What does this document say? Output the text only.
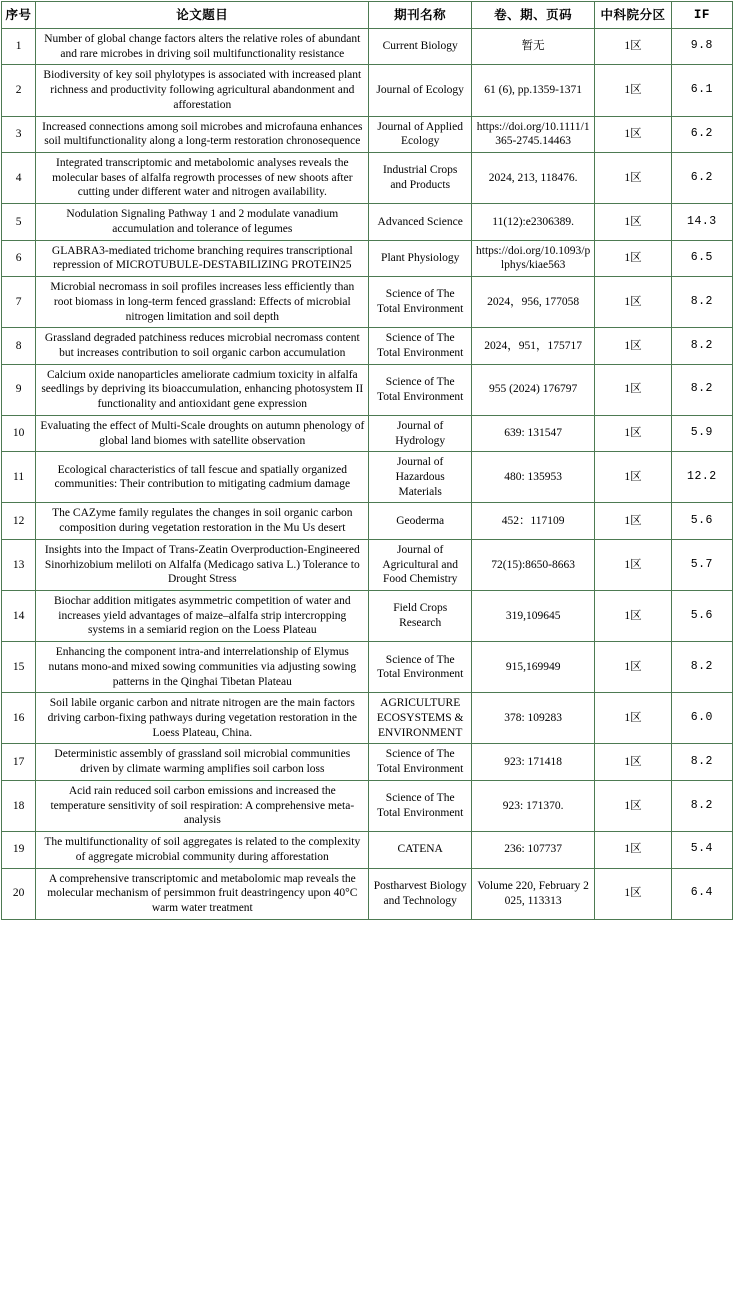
序号	论文题目	期刊名称	卷、期、页码	中科院分区	IF
1	Number of global change factors alters the relative roles of abundant and rare microbes in driving soil multifunctionality resistance	Current Biology	暂无	1区	9.8
2	Biodiversity of key soil phylotypes is associated with increased plant richness and productivity following agricultural abandonment and afforestation	Journal of Ecology	61 (6), pp.1359-1371	1区	6.1
3	Increased connections among soil microbes and microfauna enhances soil multifunctionality along a long-term restoration chronosequence	Journal of Applied Ecology	https://doi.org/10.1111/1365-2745.14463	1区	6.2
4	Integrated transcriptomic and metabolomic analyses reveals the molecular bases of alfalfa regrowth processes of new shoots after cutting under different water and nitrogen availability.	Industrial Crops and Products	2024, 213, 118476.	1区	6.2
5	Nodulation Signaling Pathway 1 and 2 modulate vanadium accumulation and tolerance of legumes	Advanced Science	11(12):e2306389.	1区	14.3
6	GLABRA3-mediated trichome branching requires transcriptional repression of MICROTUBULE-DESTABILIZING PROTEIN25	Plant Physiology	https://doi.org/10.1093/plphys/kiae563	1区	6.5
7	Microbial necromass in soil profiles increases less efficiently than root biomass in long-term fenced grassland: Effects of microbial nitrogen limitation and soil depth	Science of The Total Environment	2024，956, 177058	1区	8.2
8	Grassland degraded patchiness reduces microbial necromass content but increases contribution to soil organic carbon accumulation	Science of The Total Environment	2024，951，175717	1区	8.2
9	Calcium oxide nanoparticles ameliorate cadmium toxicity in alfalfa seedlings by depriving its bioaccumulation, enhancing photosystem II functionality and antioxidant gene expression	Science of The Total Environment	955 (2024) 176797	1区	8.2
10	Evaluating the effect of Multi-Scale droughts on autumn phenology of global land biomes with satellite observation	Journal of Hydrology	639: 131547	1区	5.9
11	Ecological characteristics of tall fescue and spatially organized communities: Their contribution to mitigating cadmium damage	Journal of Hazardous Materials	480: 135953	1区	12.2
12	The CAZyme family regulates the changes in soil organic carbon composition during vegetation restoration in the Mu Us desert	Geoderma	452：117109	1区	5.6
13	Insights into the Impact of Trans-Zeatin Overproduction-Engineered Sinorhizobium meliloti on Alfalfa (Medicago sativa L.) Tolerance to Drought Stress	Journal of Agricultural and Food Chemistry	72(15):8650-8663	1区	5.7
14	Biochar addition mitigates asymmetric competition of water and increases yield advantages of maize–alfalfa strip intercropping systems in a semiarid region on the Loess Plateau	Field Crops Research	319,109645	1区	5.6
15	Enhancing the component intra-and interrelationship of Elymus nutans mono-and mixed sowing communities via adjusting sowing patterns in the Qinghai Tibetan Plateau	Science of The Total Environment	915,169949	1区	8.2
16	Soil labile organic carbon and nitrate nitrogen are the main factors driving carbon-fixing pathways during vegetation restoration in the Loess Plateau, China.	AGRICULTURE ECOSYSTEMS & ENVIRONMENT	378: 109283	1区	6.0
17	Deterministic assembly of grassland soil microbial communities driven by climate warming amplifies soil carbon loss	Science of The Total Environment	923: 171418	1区	8.2
18	Acid rain reduced soil carbon emissions and increased the temperature sensitivity of soil respiration: A comprehensive meta-analysis	Science of The Total Environment	923: 171370.	1区	8.2
19	The multifunctionality of soil aggregates is related to the complexity of aggregate microbial community during afforestation	CATENA	236: 107737	1区	5.4
20	A comprehensive transcriptomic and metabolomic map reveals the molecular mechanism of persimmon fruit deastringency upon 40°C warm water treatment	Postharvest Biology and Technology	Volume 220, February 2025, 113313	1区	6.4
